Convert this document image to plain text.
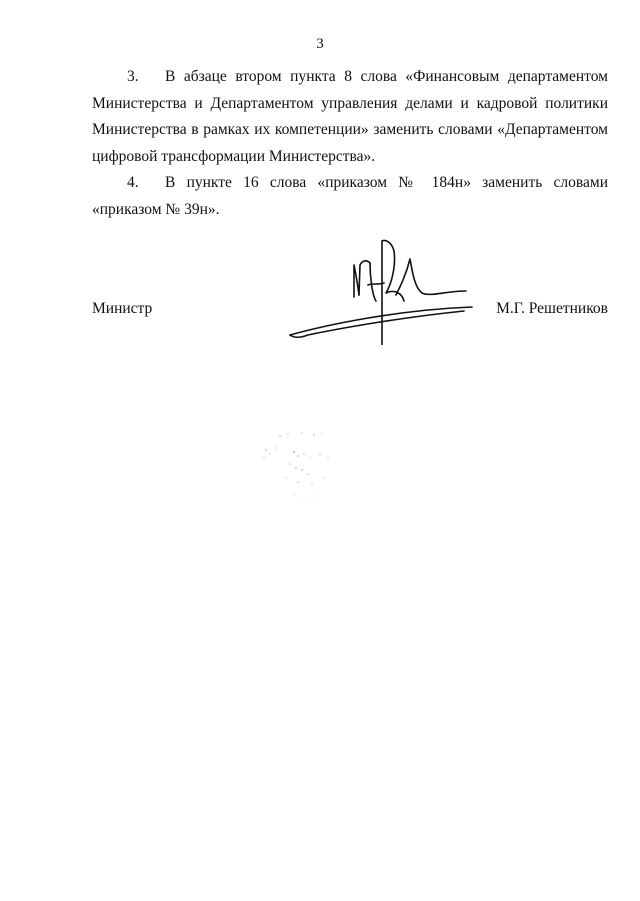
3

3. В абзаце втором пункта 8 слова «Финансовым департаментом Министерства и Департаментом управления делами и кадровой политики Министерства в рамках их компетенции» заменить словами «Департаментом цифровой трансформации Министерства».

4. В пункте 16 слова «приказом № 184н» заменить словами «приказом № 39н».

Министр	М.Г. Решетников
